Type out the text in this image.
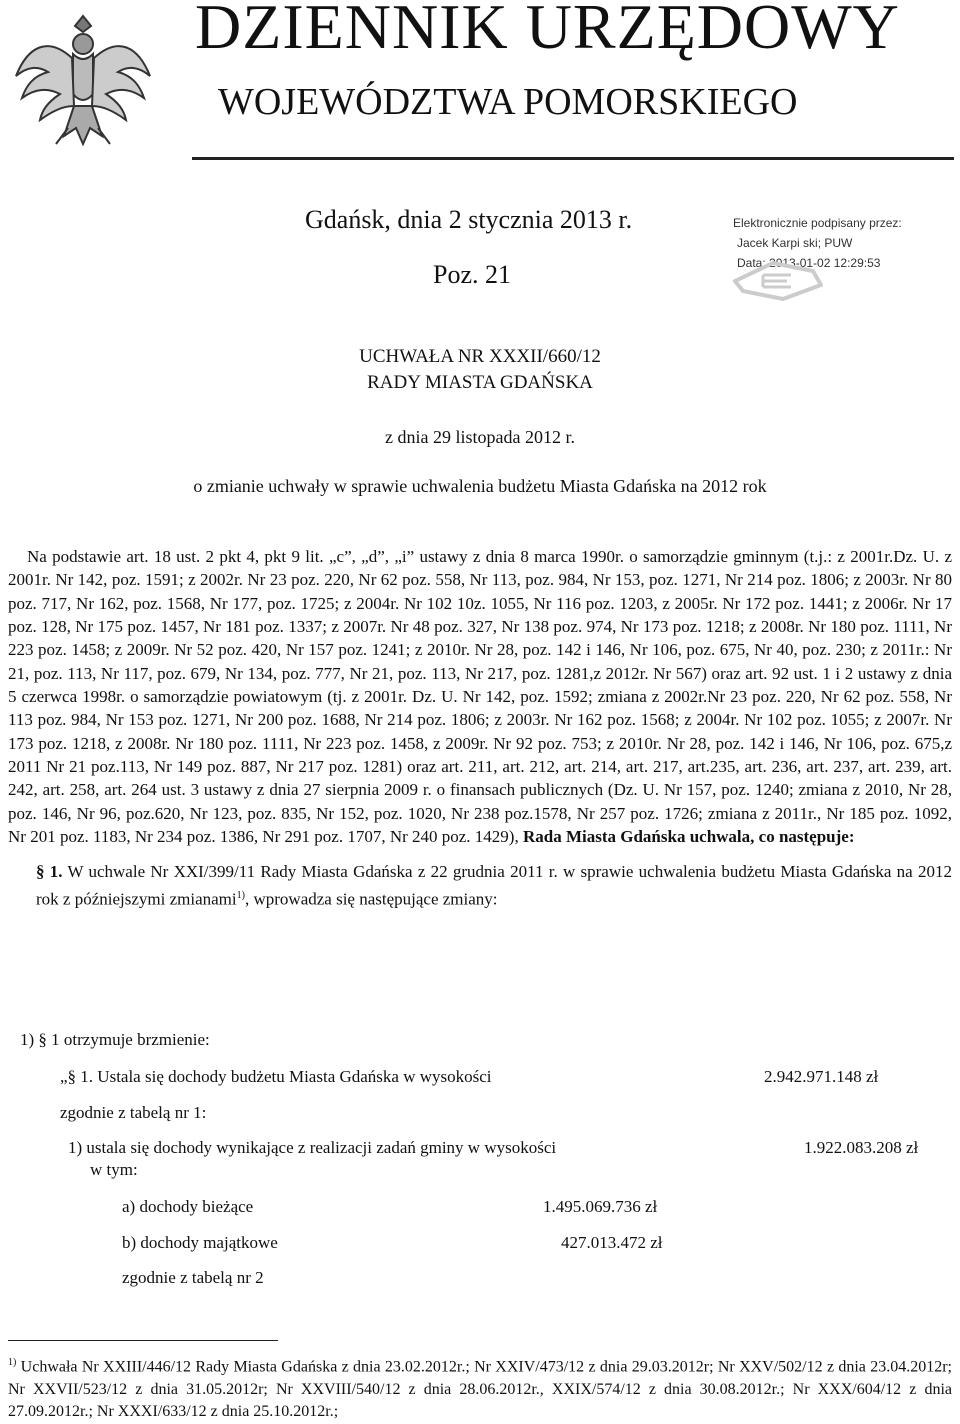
DZIENNIK URZĘDOWY
WOJEWÓDZTWA POMORSKIEGO
Gdańsk, dnia 2 stycznia 2013 r.
Poz. 21
Elektronicznie podpisany przez:
Jacek Karpi ski; PUW
Data: 2013-01-02 12:29:53
UCHWAŁA NR XXXII/660/12
RADY MIASTA GDAŃSKA
z dnia 29 listopada 2012 r.
o zmianie uchwały w sprawie uchwalenia budżetu Miasta Gdańska na 2012 rok
Na podstawie art. 18 ust. 2 pkt 4, pkt 9 lit. „c”, „d”, „i” ustawy z dnia 8 marca 1990r. o samorządzie gminnym (t.j.: z 2001r.Dz. U. z 2001r. Nr 142, poz. 1591; z 2002r. Nr 23 poz. 220, Nr 62 poz. 558, Nr 113, poz. 984, Nr 153, poz. 1271, Nr 214 poz. 1806; z 2003r. Nr 80 poz. 717, Nr 162, poz. 1568, Nr 177, poz. 1725; z 2004r. Nr 102 10z. 1055, Nr 116 poz. 1203, z 2005r. Nr 172 poz. 1441; z 2006r. Nr 17 poz. 128, Nr 175 poz. 1457, Nr 181 poz. 1337; z 2007r. Nr 48 poz. 327, Nr 138 poz. 974, Nr 173 poz. 1218; z 2008r. Nr 180 poz. 1111, Nr 223 poz. 1458; z 2009r. Nr 52 poz. 420, Nr 157 poz. 1241; z 2010r. Nr 28, poz. 142 i 146, Nr 106, poz. 675, Nr 40, poz. 230; z 2011r.: Nr 21, poz. 113, Nr 117, poz. 679, Nr 134, poz. 777, Nr 21, poz. 113, Nr 217, poz. 1281,z 2012r. Nr 567) oraz art. 92 ust. 1 i 2 ustawy z dnia 5 czerwca 1998r. o samorządzie powiatowym (tj. z 2001r. Dz. U. Nr 142, poz. 1592; zmiana z 2002r.Nr 23 poz. 220, Nr 62 poz. 558, Nr 113 poz. 984, Nr 153 poz. 1271, Nr 200 poz. 1688, Nr 214 poz. 1806; z 2003r. Nr 162 poz. 1568; z 2004r. Nr 102 poz. 1055; z 2007r. Nr 173 poz. 1218, z 2008r. Nr 180 poz. 1111, Nr 223 poz. 1458, z 2009r. Nr 92 poz. 753; z 2010r. Nr 28, poz. 142 i 146, Nr 106, poz. 675,z 2011 Nr 21 poz.113, Nr 149 poz. 887, Nr 217 poz. 1281) oraz art. 211, art. 212, art. 214, art. 217, art.235, art. 236, art. 237, art. 239, art. 242, art. 258, art. 264 ust. 3 ustawy z dnia 27 sierpnia 2009 r. o finansach publicznych (Dz. U. Nr 157, poz. 1240; zmiana z 2010, Nr 28, poz. 146, Nr 96, poz.620, Nr 123, poz. 835, Nr 152, poz. 1020, Nr 238 poz.1578, Nr 257 poz. 1726; zmiana z 2011r., Nr 185 poz. 1092, Nr 201 poz. 1183, Nr 234 poz. 1386, Nr 291 poz. 1707, Nr 240 poz. 1429), Rada Miasta Gdańska uchwala, co następuje:
§ 1. W uchwale Nr XXI/399/11 Rady Miasta Gdańska z 22 grudnia 2011 r. w sprawie uchwalenia budżetu Miasta Gdańska na 2012 rok z późniejszymi zmianami$^{1)}$, wprowadza się następujące zmiany:
1) § 1 otrzymuje brzmienie:
„§ 1. Ustala się dochody budżetu Miasta Gdańska w wysokości	2.942.971.148 zł
zgodnie z tabelą nr 1:
1) ustala się dochody wynikające z realizacji zadań gminy w wysokości	1.922.083.208 zł
w tym:
a) dochody bieżące	1.495.069.736 zł
b) dochody majątkowe	427.013.472 zł
zgodnie z tabelą nr 2
$^{1)}$ Uchwała Nr XXIII/446/12 Rady Miasta Gdańska z dnia 23.02.2012r.; Nr XXIV/473/12 z dnia 29.03.2012r; Nr XXV/502/12 z dnia 23.04.2012r; Nr XXVII/523/12 z dnia 31.05.2012r; Nr XXVIII/540/12 z dnia 28.06.2012r., XXIX/574/12 z dnia 30.08.2012r.; Nr XXX/604/12 z dnia 27.09.2012r.; Nr XXXI/633/12 z dnia 25.10.2012r.;
